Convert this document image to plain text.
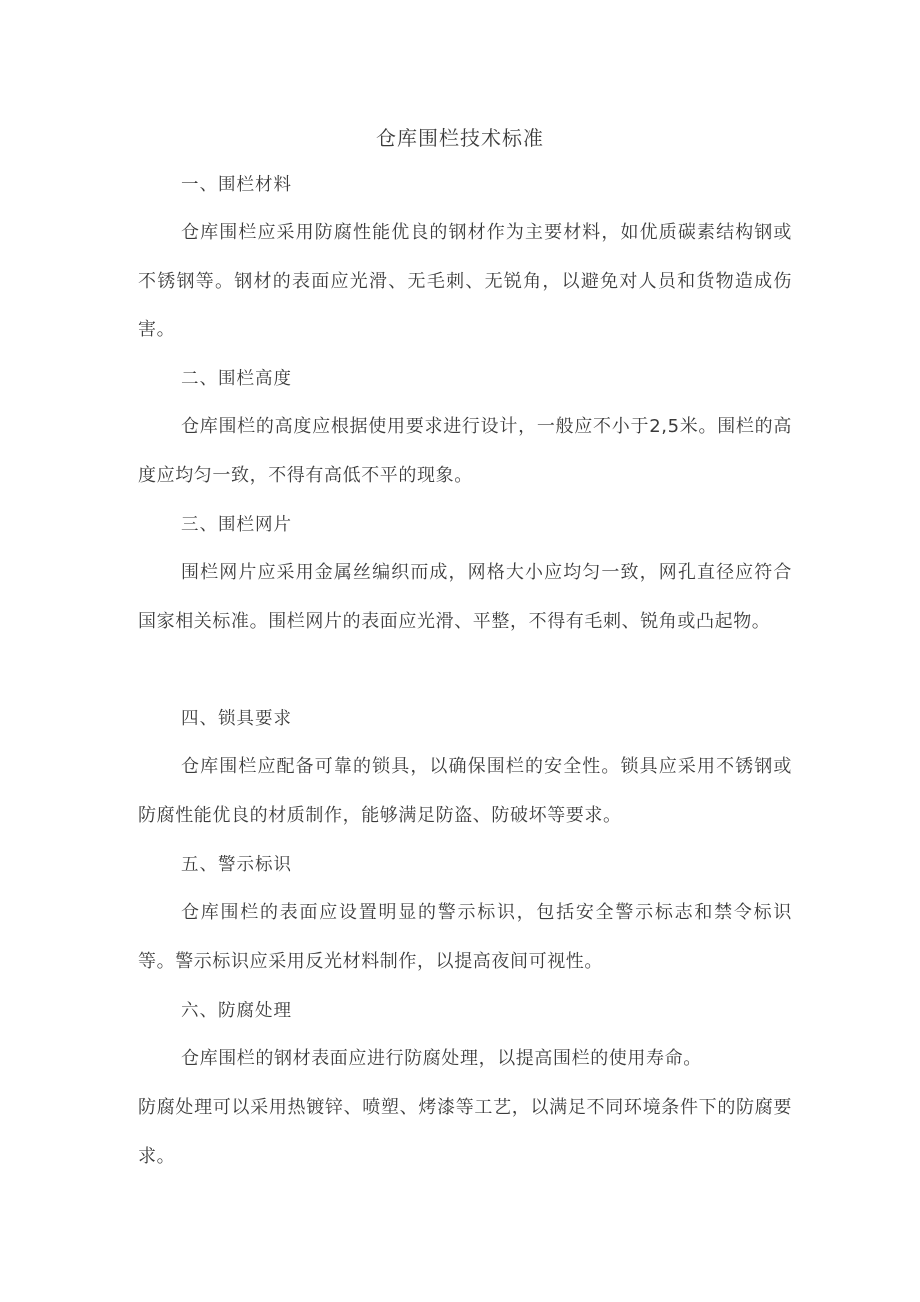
仓库围栏技术标准
一、围栏材料
仓库围栏应采用防腐性能优良的钢材作为主要材料，如优质碳素结构钢或不锈钢等。钢材的表面应光滑、无毛刺、无锐角，以避免对人员和货物造成伤害。
二、围栏高度
仓库围栏的高度应根据使用要求进行设计，一般应不小于2,5米。围栏的高度应均匀一致，不得有高低不平的现象。
三、围栏网片
围栏网片应采用金属丝编织而成，网格大小应均匀一致，网孔直径应符合国家相关标准。围栏网片的表面应光滑、平整，不得有毛刺、锐角或凸起物。
四、锁具要求
仓库围栏应配备可靠的锁具，以确保围栏的安全性。锁具应采用不锈钢或防腐性能优良的材质制作，能够满足防盗、防破坏等要求。
五、警示标识
仓库围栏的表面应设置明显的警示标识，包括安全警示标志和禁令标识等。警示标识应采用反光材料制作，以提高夜间可视性。
六、防腐处理
仓库围栏的钢材表面应进行防腐处理，以提高围栏的使用寿命。
防腐处理可以采用热镀锌、喷塑、烤漆等工艺，以满足不同环境条件下的防腐要求。
